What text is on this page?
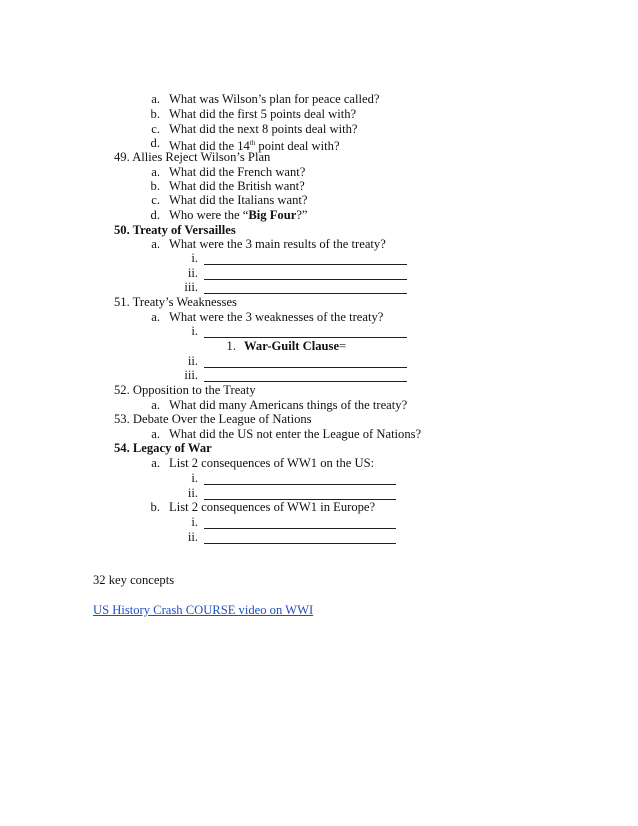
a. What was Wilson’s plan for peace called?
b. What did the first 5 points deal with?
c. What did the next 8 points deal with?
d. What did the 14th point deal with?
49. Allies Reject Wilson’s Plan
a. What did the French want?
b. What did the British want?
c. What did the Italians want?
d. Who were the “Big Four?”
50. Treaty of Versailles
a. What were the 3 main results of the treaty?
i.
ii.
iii.
51. Treaty’s Weaknesses
a. What were the 3 weaknesses of the treaty?
i.
1. War-Guilt Clause=
ii.
iii.
52. Opposition to the Treaty
a. What did many Americans things of the treaty?
53. Debate Over the League of Nations
a. What did the US not enter the League of Nations?
54. Legacy of War
a. List 2 consequences of WW1 on the US:
i.
ii.
b. List 2 consequences of WW1 in Europe?
i.
ii.
32 key concepts
US History Crash COURSE video on WWI
